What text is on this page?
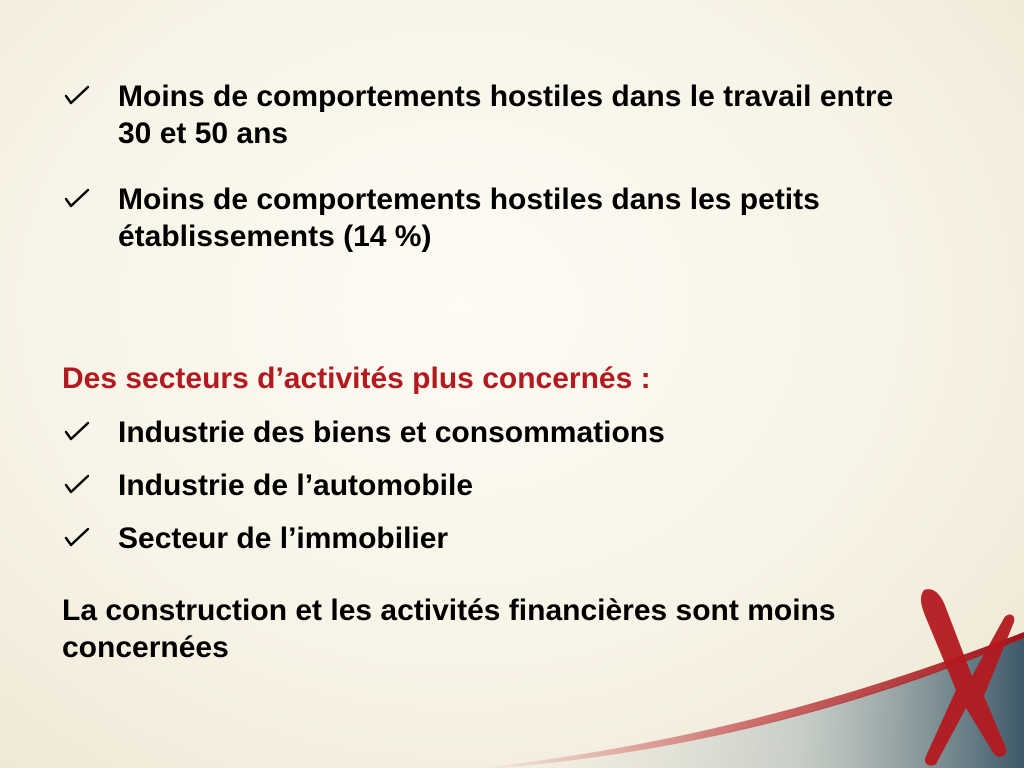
Moins de comportements hostiles dans le travail entre 30 et 50 ans
Moins de comportements hostiles dans les petits établissements (14 %)

Des secteurs d’activités plus concernés :

Industrie des biens et consommations
Industrie de l’automobile
Secteur de l’immobilier

La construction et les activités financières sont moins concernées
